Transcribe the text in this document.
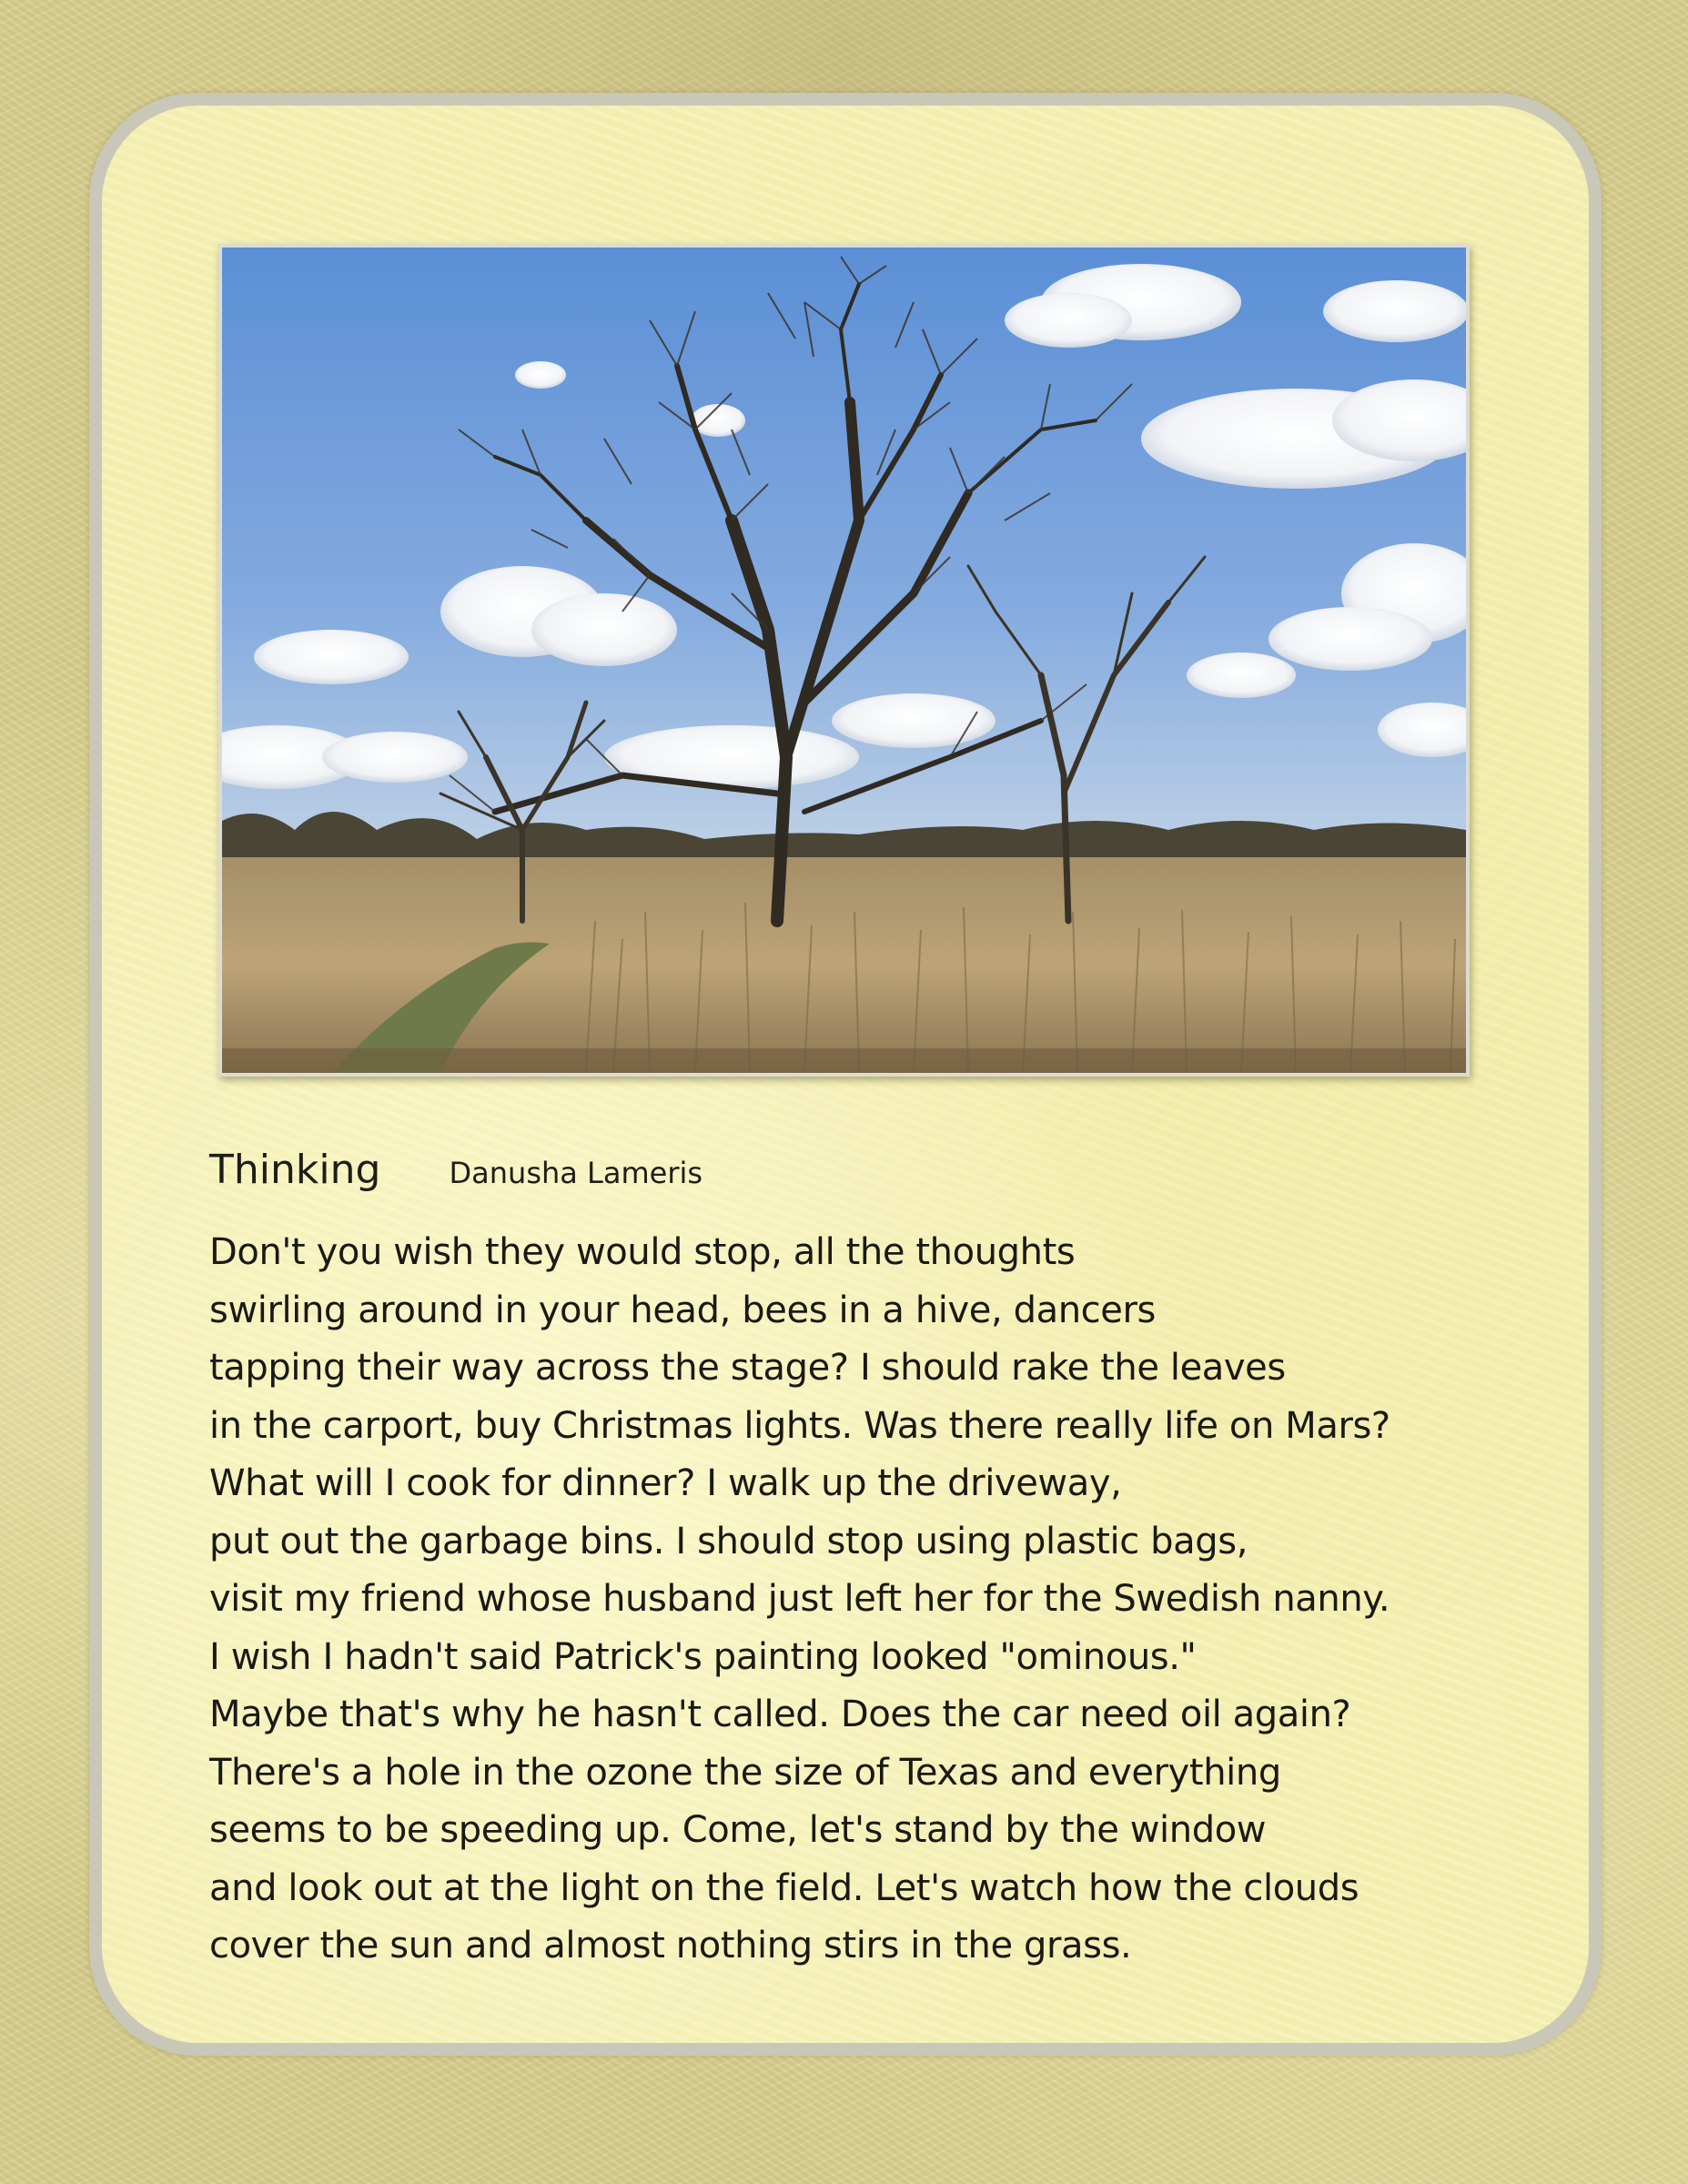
Thinking Danusha Lameris
Don't you wish they would stop, all the thoughts
swirling around in your head, bees in a hive, dancers
tapping their way across the stage? I should rake the leaves
in the carport, buy Christmas lights. Was there really life on Mars?
What will I cook for dinner? I walk up the driveway,
put out the garbage bins. I should stop using plastic bags,
visit my friend whose husband just left her for the Swedish nanny.
I wish I hadn't said Patrick's painting looked "ominous."
Maybe that's why he hasn't called. Does the car need oil again?
There's a hole in the ozone the size of Texas and everything
seems to be speeding up. Come, let's stand by the window
and look out at the light on the field. Let's watch how the clouds
cover the sun and almost nothing stirs in the grass.
